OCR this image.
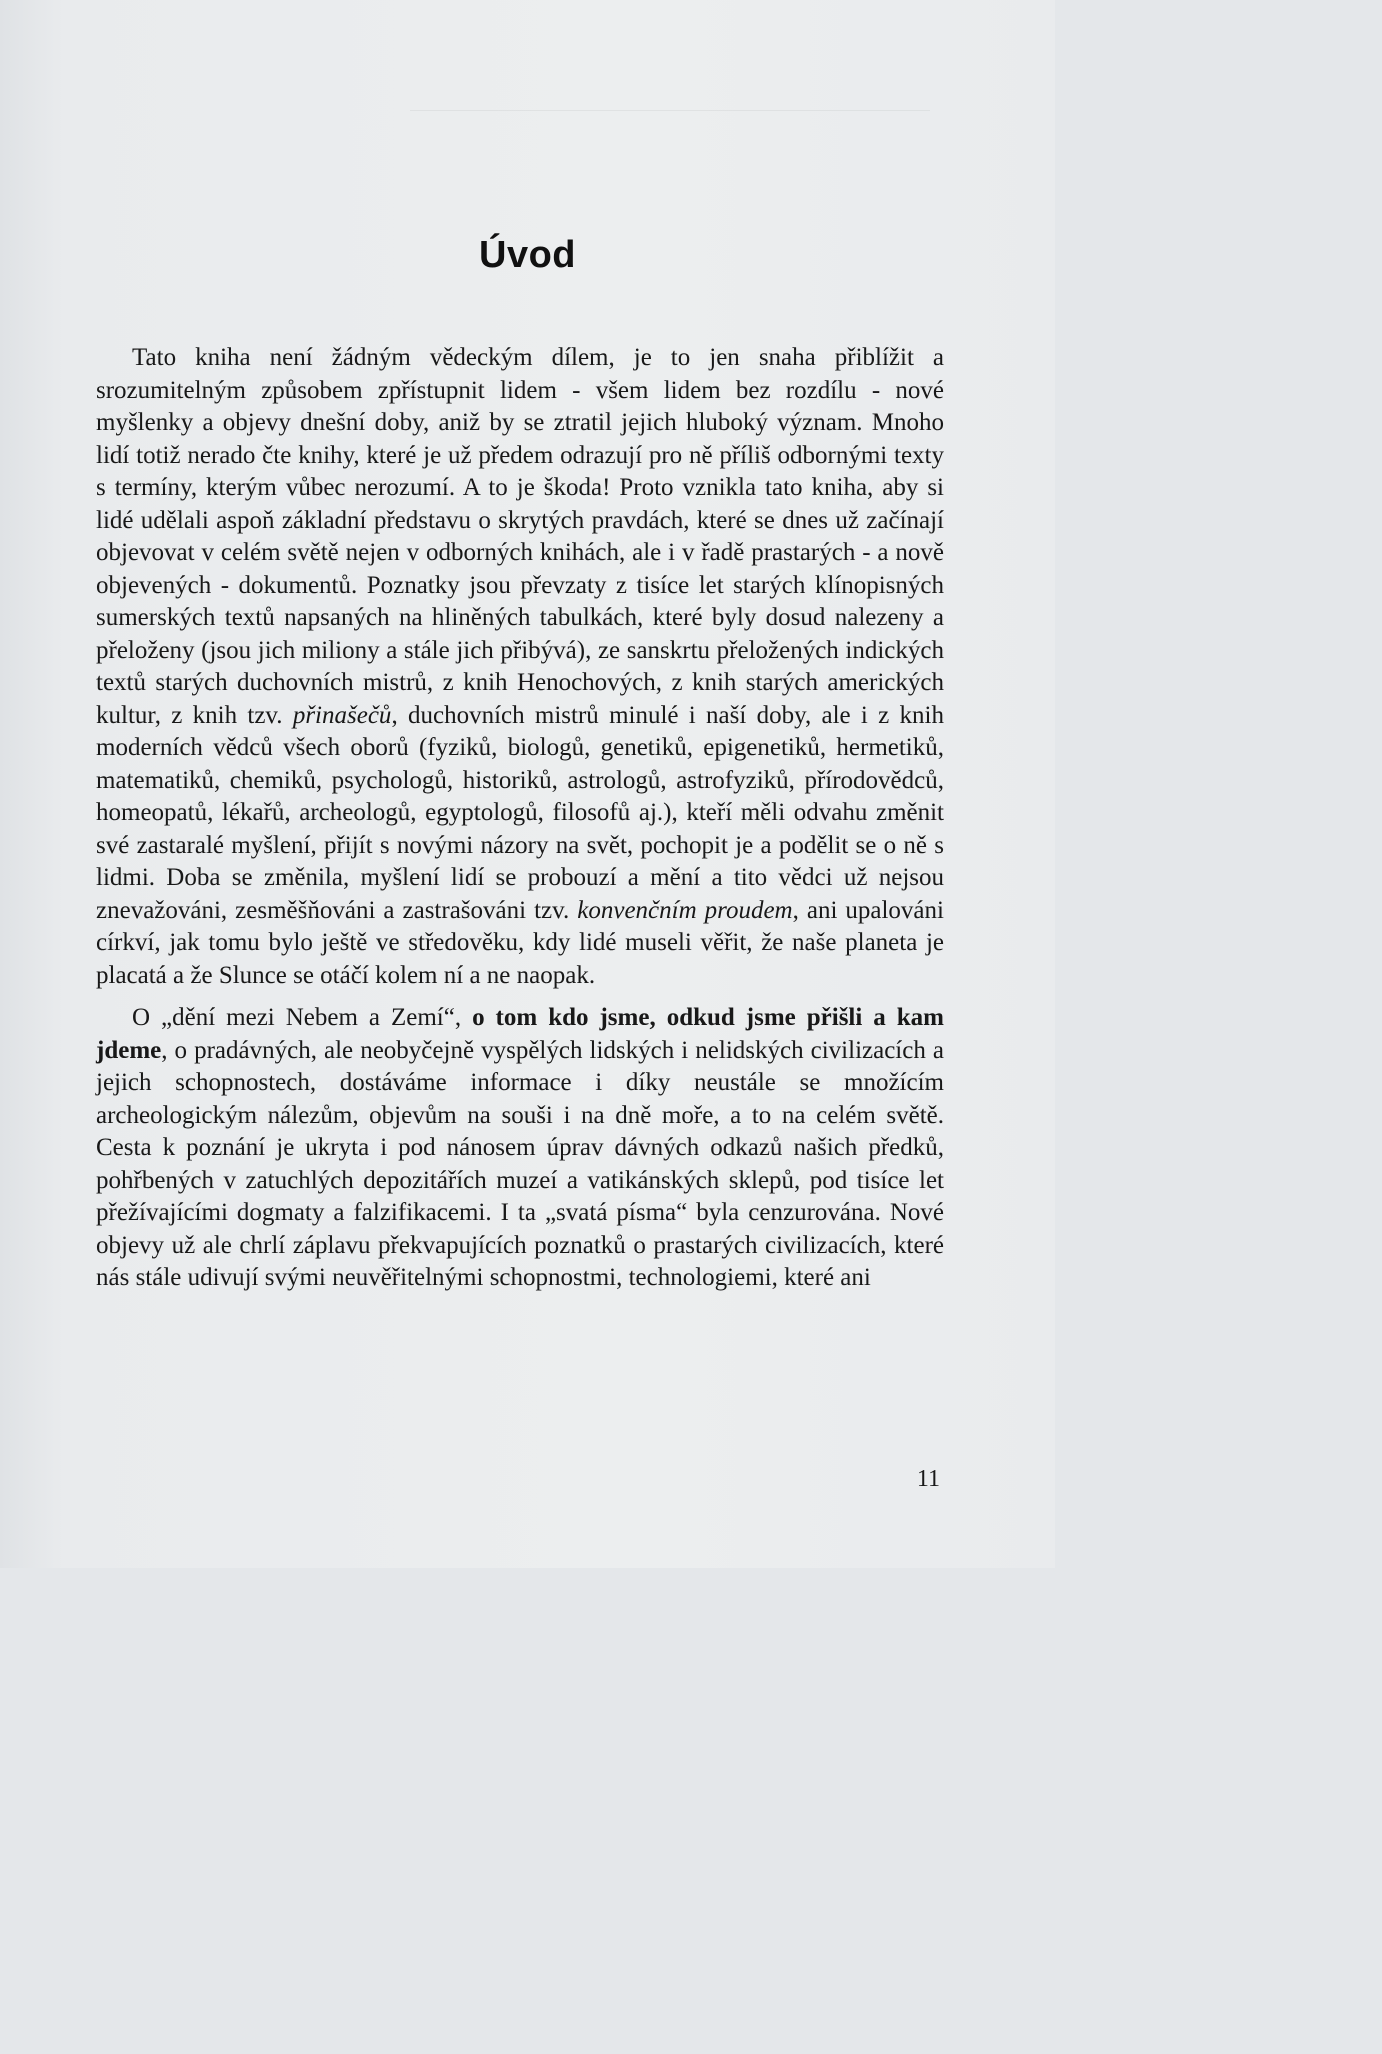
Úvod

Tato kniha není žádným vědeckým dílem, je to jen snaha přiblížit a srozumitelným způsobem zpřístupnit lidem - všem lidem bez rozdílu - nové myšlenky a objevy dnešní doby, aniž by se ztratil jejich hluboký význam. Mnoho lidí totiž nerado čte knihy, které je už předem odrazují pro ně příliš odbornými texty s termíny, kterým vůbec nerozumí. A to je škoda! Proto vznikla tato kniha, aby si lidé udělali aspoň základní představu o skrytých pravdách, které se dnes už začínají objevovat v celém světě nejen v odborných knihách, ale i v řadě prastarých - a nově objevených - dokumentů. Poznatky jsou převzaty z tisíce let starých klínopisných sumerských textů napsaných na hliněných tabulkách, které byly dosud nalezeny a přeloženy (jsou jich miliony a stále jich přibývá), ze sanskrtu přeložených indických textů starých duchovních mistrů, z knih Henochových, z knih starých amerických kultur, z knih tzv. přinašečů, duchovních mistrů minulé i naší doby, ale i z knih moderních vědců všech oborů (fyziků, biologů, genetiků, epigenetiků, hermetiků, matematiků, chemiků, psychologů, historiků, astrologů, astrofyziků, přírodovědců, homeopatů, lékařů, archeologů, egyptologů, filosofů aj.), kteří měli odvahu změnit své zastaralé myšlení, přijít s novými názory na svět, pochopit je a podělit se o ně s lidmi. Doba se změnila, myšlení lidí se probouzí a mění a tito vědci už nejsou znevažováni, zesměšňováni a zastrašováni tzv. konvenčním proudem, ani upalováni církví, jak tomu bylo ještě ve středověku, kdy lidé museli věřit, že naše planeta je placatá a že Slunce se otáčí kolem ní a ne naopak.

O „dění mezi Nebem a Zemí“, o tom kdo jsme, odkud jsme přišli a kam jdeme, o pradávných, ale neobyčejně vyspělých lidských i nelidských civilizacích a jejich schopnostech, dostáváme informace i díky neustále se množícím archeologickým nálezům, objevům na souši i na dně moře, a to na celém světě. Cesta k poznání je ukryta i pod nánosem úprav dávných odkazů našich předků, pohřbených v zatuchlých depozitářích muzeí a vatikánských sklepů, pod tisíce let přežívajícími dogmaty a falzifikacemi. I ta „svatá písma“ byla cenzurována. Nové objevy už ale chrlí záplavu překvapujících poznatků o prastarých civilizacích, které nás stále udivují svými neuvěřitelnými schopnostmi, technologiemi, které ani

11
